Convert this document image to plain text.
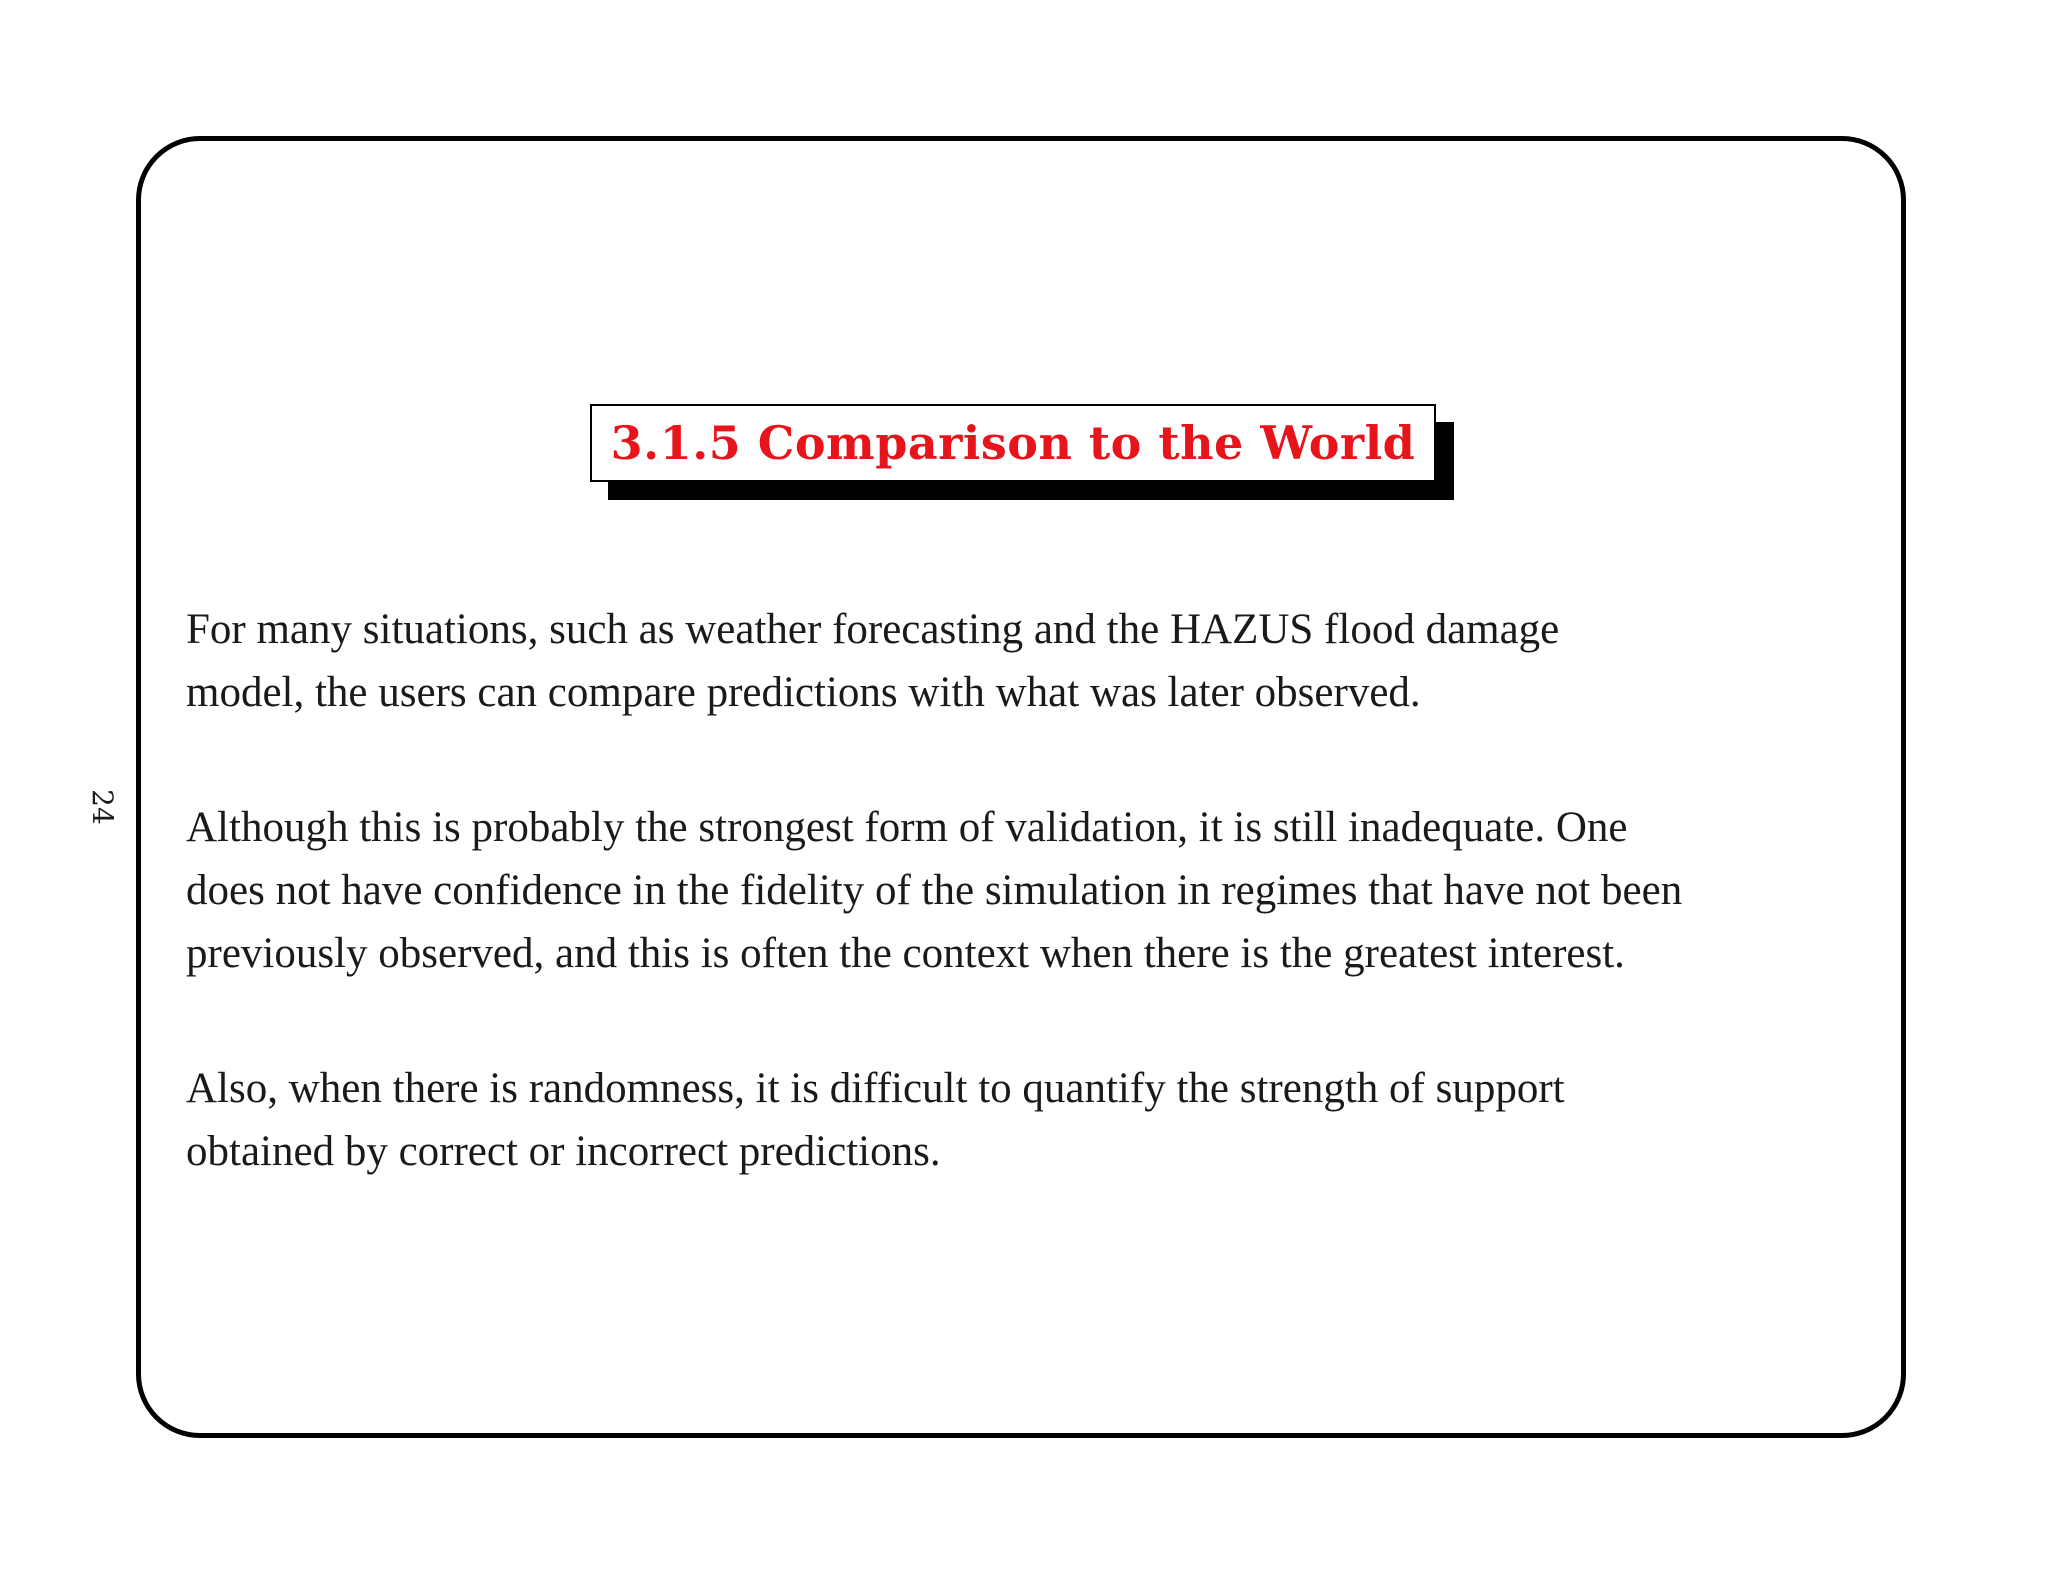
24
3.1.5 Comparison to the World

For many situations, such as weather forecasting and the HAZUS flood damage
model, the users can compare predictions with what was later observed.

Although this is probably the strongest form of validation, it is still inadequate. One
does not have confidence in the fidelity of the simulation in regimes that have not been
previously observed, and this is often the context when there is the greatest interest.

Also, when there is randomness, it is difficult to quantify the strength of support
obtained by correct or incorrect predictions.
